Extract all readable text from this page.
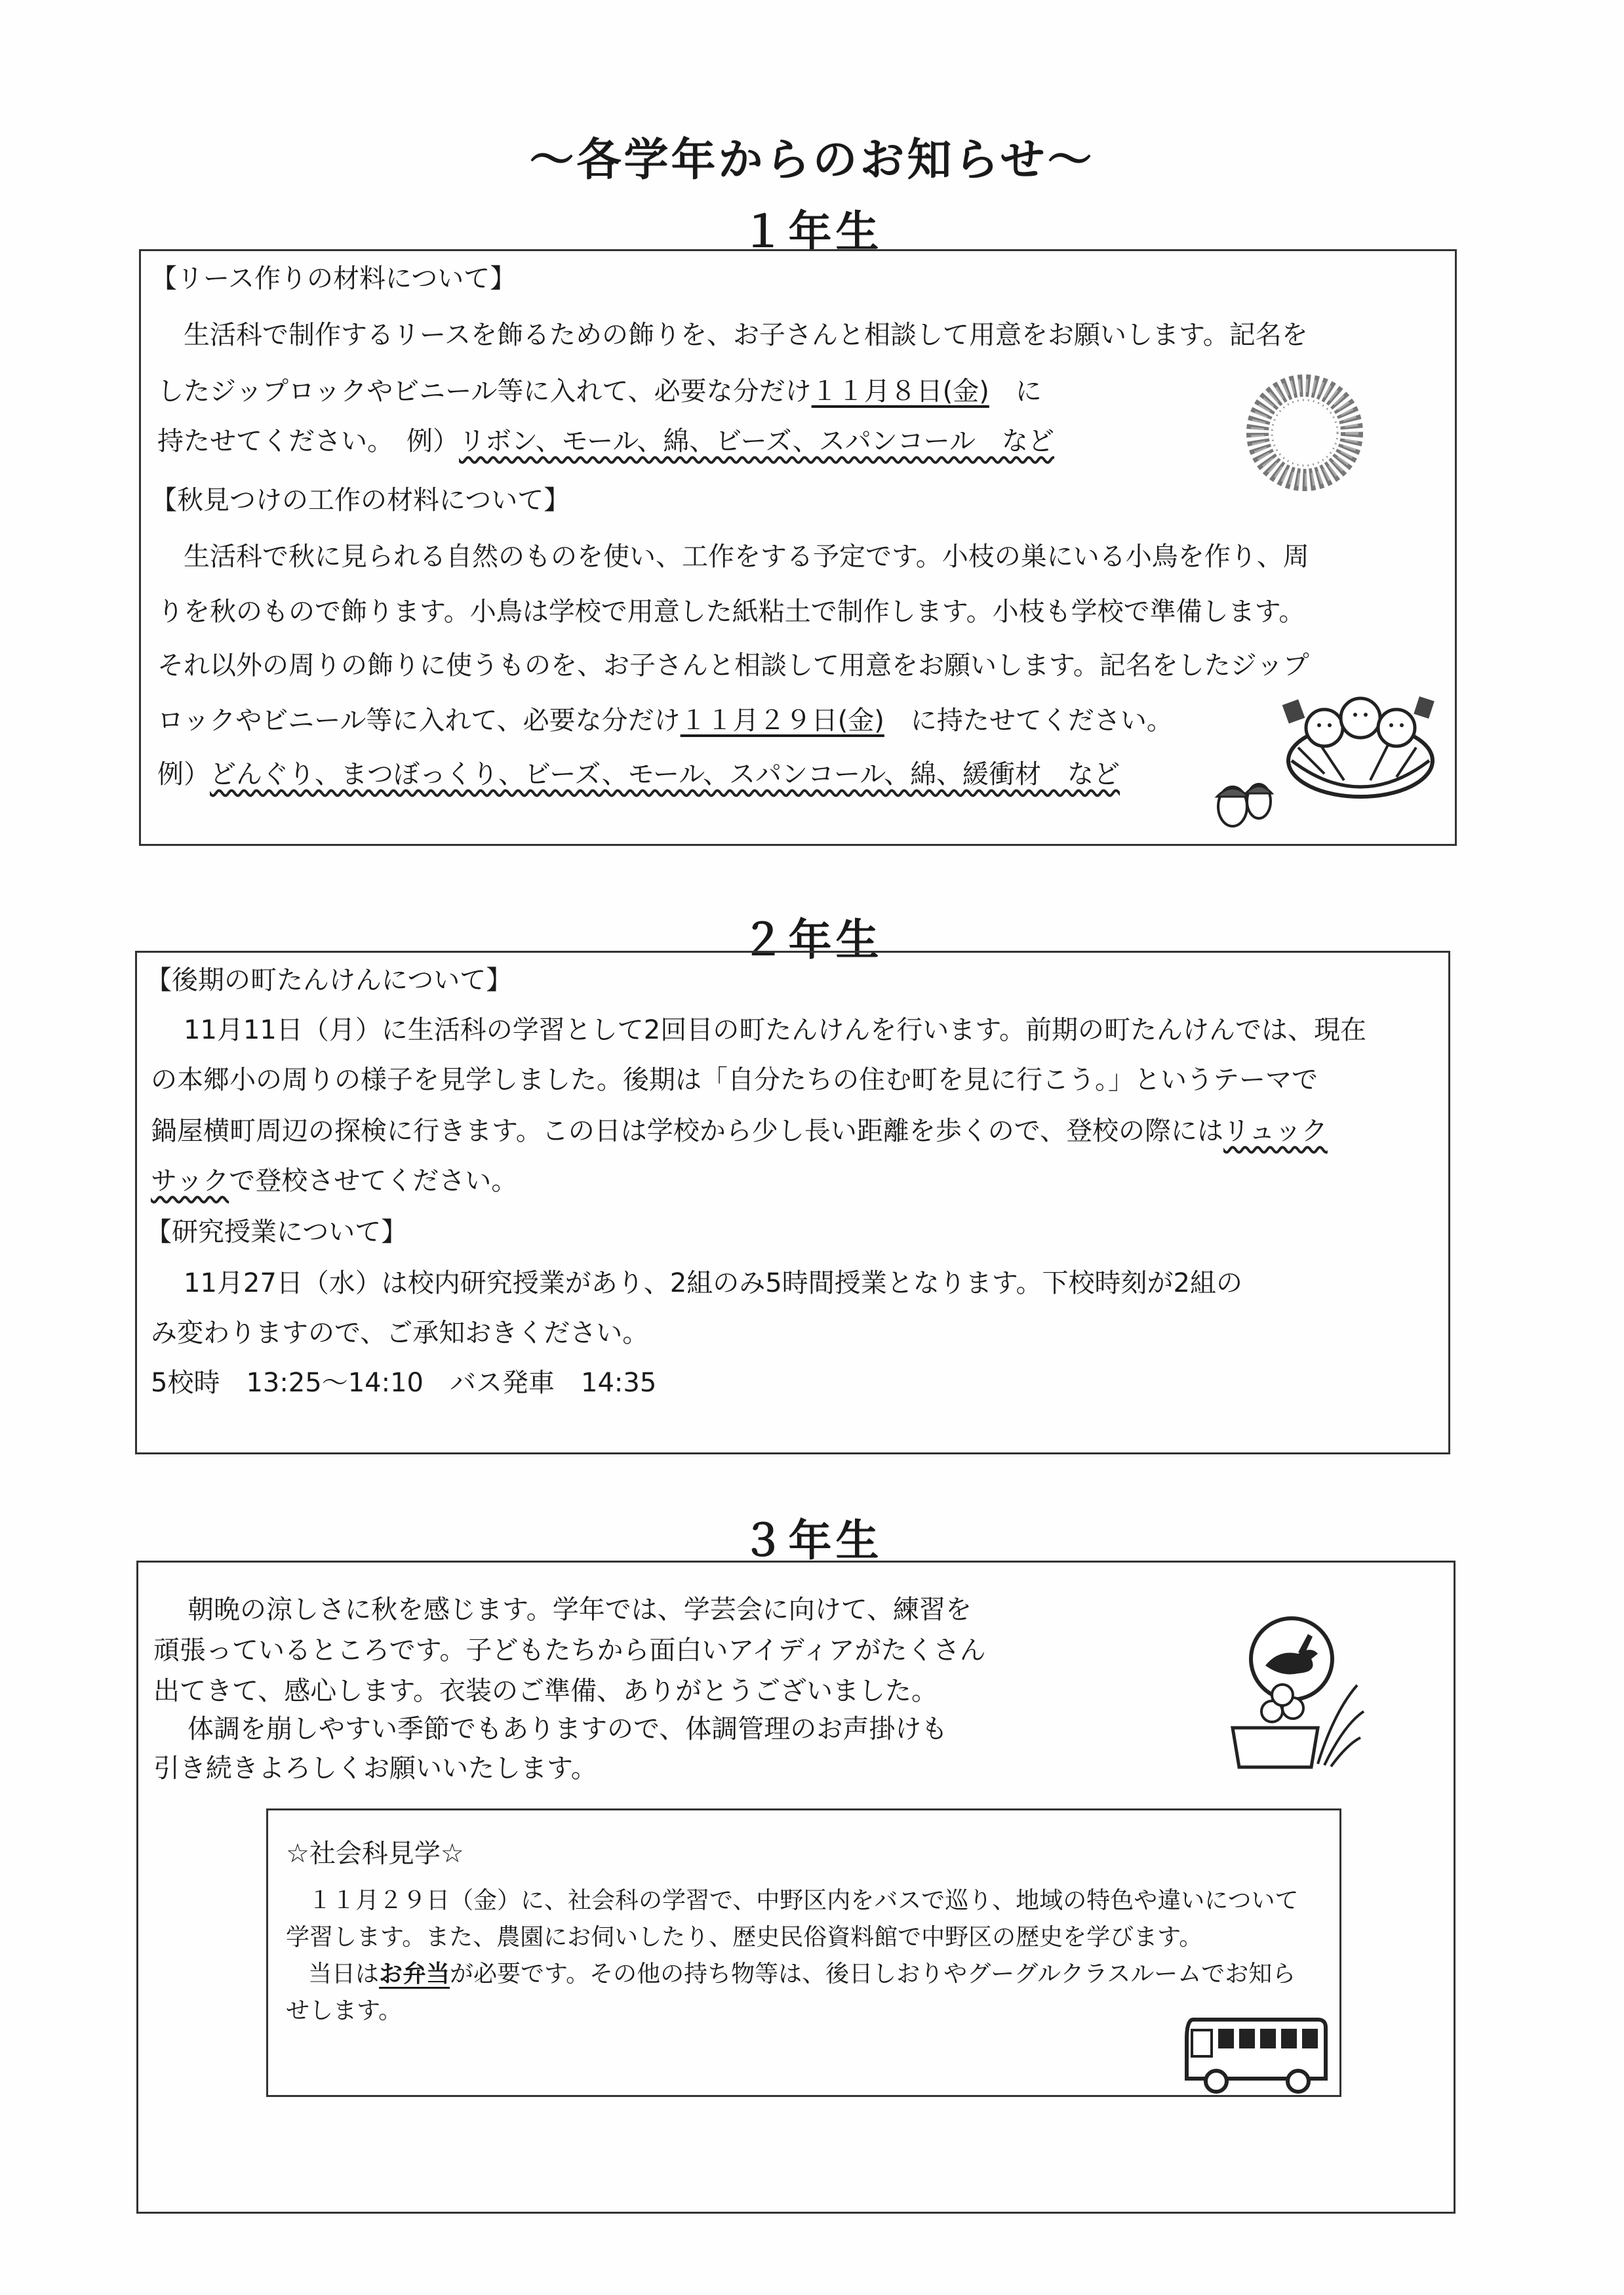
～各学年からのお知らせ～
１年生
【リース作りの材料について】
生活科で制作するリースを飾るための飾りを、お子さんと相談して用意をお願いします。記名を
したジップロックやビニール等に入れて、必要な分だけ１１月８日(金)　 に
持たせてください。　例）リボン、モール、綿、ビーズ、スパンコール　など
【秋見つけの工作の材料について】
生活科で秋に見られる自然のものを使い、工作をする予定です。小枝の巣にいる小鳥を作り、周
りを秋のもので飾ります。小鳥は学校で用意した紙粘土で制作します。小枝も学校で準備します。
それ以外の周りの飾りに使うものを、お子さんと相談して用意をお願いします。記名をしたジップ
ロックやビニール等に入れて、必要な分だけ１１月２９日(金)　 に持たせてください。
例）どんぐり、まつぼっくり、ビーズ、モール、スパンコール、綿、緩衝材　など
２年生
【後期の町たんけんについて】
11月11日（月）に生活科の学習として2回目の町たんけんを行います。前期の町たんけんでは、現在
の本郷小の周りの様子を見学しました。後期は「自分たちの住む町を見に行こう。」というテーマで
鍋屋横町周辺の探検に行きます。この日は学校から少し長い距離を歩くので、登校の際にはリュック
サックで登校させてください。
【研究授業について】
11月27日（水）は校内研究授業があり、2組のみ5時間授業となります。下校時刻が2組の
み変わりますので、ご承知おきください。
5校時　13:25～14:10　バス発車　14:35
３年生
朝晩の涼しさに秋を感じます。学年では、学芸会に向けて、練習を
頑張っているところです。子どもたちから面白いアイディアがたくさん
出てきて、感心します。衣装のご準備、ありがとうございました。
体調を崩しやすい季節でもありますので、体調管理のお声掛けも
引き続きよろしくお願いいたします。
☆社会科見学☆
１１月２９日（金）に、社会科の学習で、中野区内をバスで巡り、地域の特色や違いについて
学習します。また、農園にお伺いしたり、歴史民俗資料館で中野区の歴史を学びます。
当日はお弁当が必要です。その他の持ち物等は、後日しおりやグーグルクラスルームでお知ら
せします。
